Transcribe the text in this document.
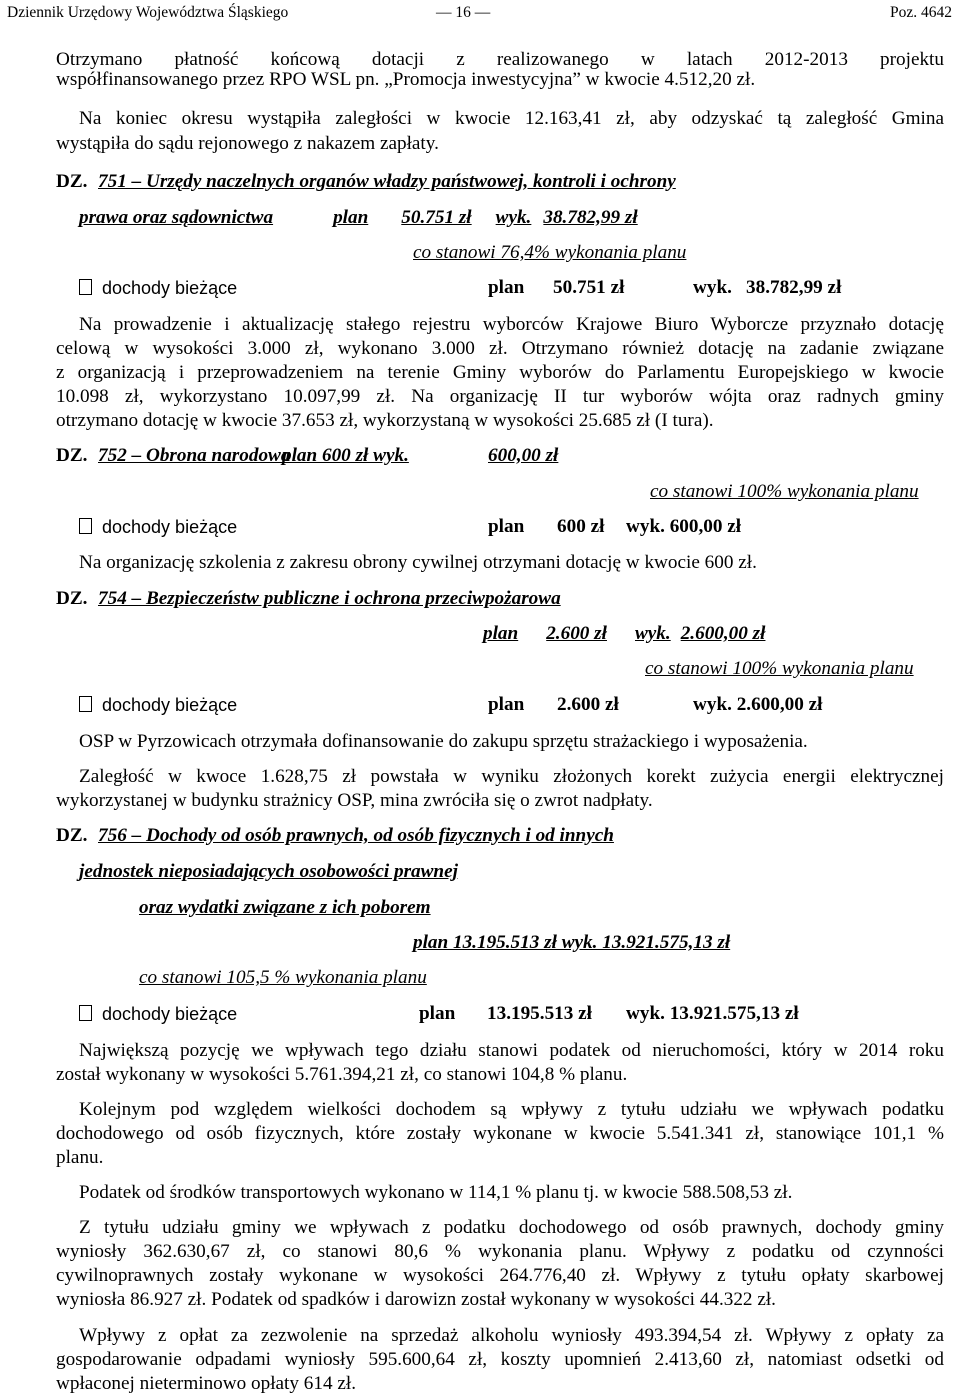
Dziennik Urzędowy Województwa Śląskiego	— 16 —	Poz. 4642
Otrzymano płatność końcową dotacji z realizowanego w latach 2012-2013 projektu
współfinansowanego przez RPO WSL pn. „Promocja inwestycyjna” w kwocie 4.512,20 zł.
Na koniec okresu wystąpiła zaległości w kwocie 12.163,41 zł, aby odzyskać tą zaległość Gmina
wystąpiła do sądu rejonowego z nakazem zapłaty.
DZ. 751 – Urzędy naczelnych organów władzy państwowej, kontroli i ochrony
prawa oraz sądownictwa	plan 50.751 zł wyk. 38.782,99 zł
co stanowi 76,4% wykonania planu
dochody bieżące	plan 50.751 zł	wyk. 38.782,99 zł
Na prowadzenie i aktualizację stałego rejestru wyborców Krajowe Biuro Wyborcze przyznało dotację
celową w wysokości 3.000 zł, wykonano 3.000 zł. Otrzymano również dotację na zadanie związane
z organizacją i przeprowadzeniem na terenie Gminy wyborów do Parlamentu Europejskiego w kwocie
10.098 zł, wykorzystano 10.097,99 zł. Na organizację II tur wyborów wójta oraz radnych gminy
otrzymano dotację w kwocie 37.653 zł, wykorzystaną w wysokości 25.685 zł (I tura).
DZ. 752 – Obrona narodowa
plan 600 zł wyk.	600,00 zł
co stanowi 100% wykonania planu
dochody bieżące	plan 600 zł wyk. 600,00 zł
Na organizację szkolenia z zakresu obrony cywilnej otrzymani dotację w kwocie 600 zł.
DZ. 754 – Bezpieczeństw publiczne i ochrona przeciwpożarowa
plan 2.600 zł wyk. 2.600,00 zł
co stanowi 100% wykonania planu
dochody bieżące	plan 2.600 zł	wyk. 2.600,00 zł
OSP w Pyrzowicach otrzymała dofinansowanie do zakupu sprzętu strażackiego i wyposażenia.
Zaległość w kwoce 1.628,75 zł powstała w wyniku złożonych korekt zużycia energii elektrycznej
wykorzystanej w budynku strażnicy OSP, mina zwróciła się o zwrot nadpłaty.
DZ. 756 – Dochody od osób prawnych, od osób fizycznych i od innych
jednostek nieposiadających osobowości prawnej
oraz wydatki związane z ich poborem
plan 13.195.513 zł wyk. 13.921.575,13 zł
co stanowi 105,5 % wykonania planu
dochody bieżące	plan 13.195.513 zł wyk. 13.921.575,13 zł
Największą pozycję we wpływach tego działu stanowi podatek od nieruchomości, który w 2014 roku
został wykonany w wysokości 5.761.394,21 zł, co stanowi 104,8 % planu.
Kolejnym pod względem wielkości dochodem są wpływy z tytułu udziału we wpływach podatku
dochodowego od osób fizycznych, które zostały wykonane w kwocie 5.541.341 zł, stanowiące 101,1 %
planu.
Podatek od środków transportowych wykonano w 114,1 % planu tj. w kwocie 588.508,53 zł.
Z tytułu udziału gminy we wpływach z podatku dochodowego od osób prawnych, dochody gminy
wyniosły 362.630,67 zł, co stanowi 80,6 % wykonania planu. Wpływy z podatku od czynności
cywilnoprawnych zostały wykonane w wysokości 264.776,40 zł. Wpływy z tytułu opłaty skarbowej
wyniosła 86.927 zł. Podatek od spadków i darowizn został wykonany w wysokości 44.322 zł.
Wpływy z opłat za zezwolenie na sprzedaż alkoholu wyniosły 493.394,54 zł. Wpływy z opłaty za
gospodarowanie odpadami wyniosły 595.600,64 zł, koszty upomnień 2.413,60 zł, natomiast odsetki od
wpłaconej nieterminowo opłaty 614 zł.
